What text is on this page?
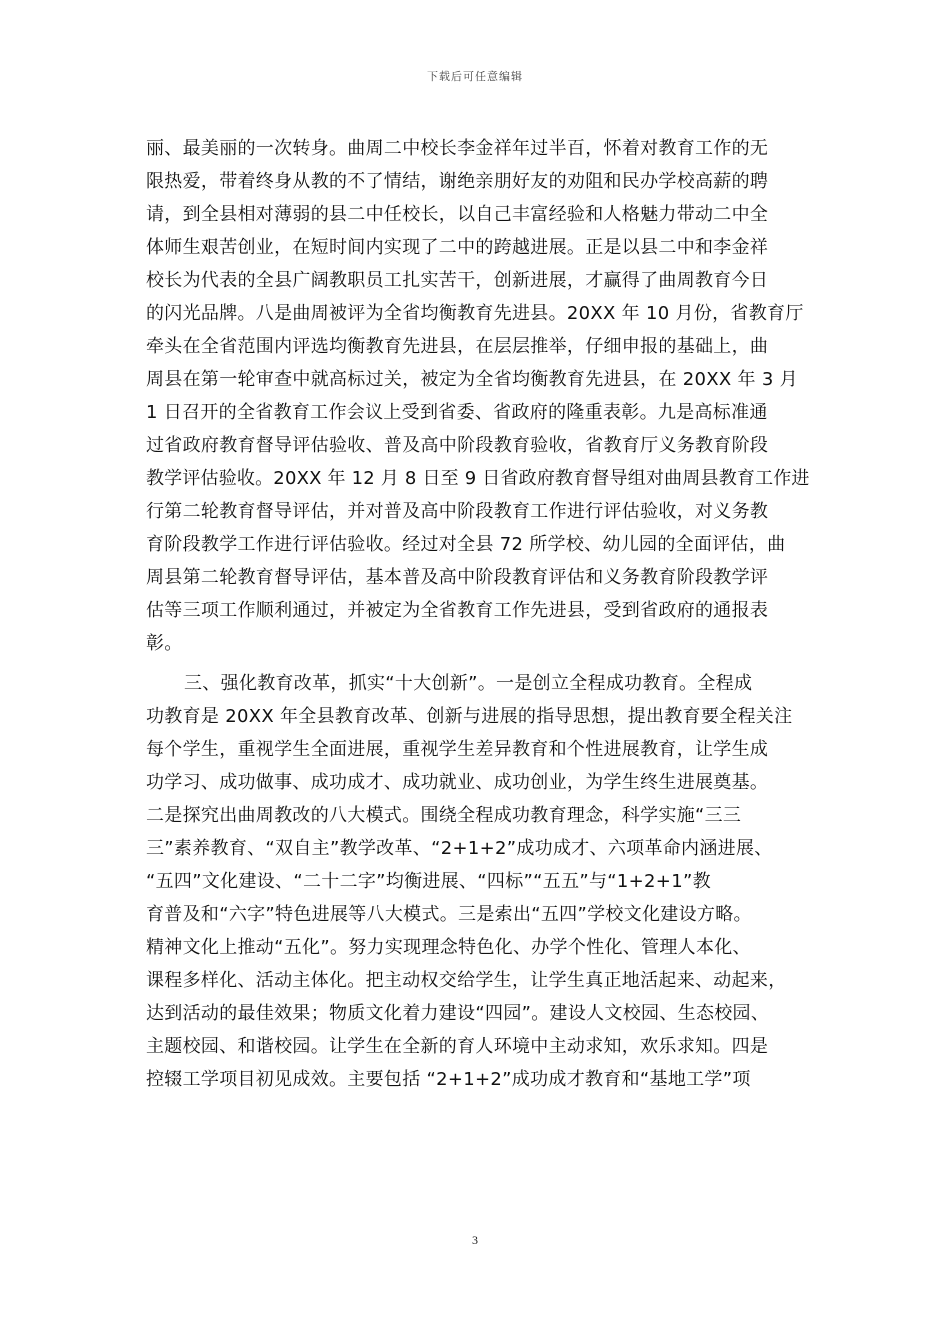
下载后可任意编辑
丽、最美丽的一次转身。曲周二中校长李金祥年过半百，怀着对教育工作的无
限热爱，带着终身从教的不了情结，谢绝亲朋好友的劝阻和民办学校高薪的聘
请，到全县相对薄弱的县二中任校长，以自己丰富经验和人格魅力带动二中全
体师生艰苦创业，在短时间内实现了二中的跨越进展。正是以县二中和李金祥
校长为代表的全县广阔教职员工扎实苦干，创新进展，才赢得了曲周教育今日
的闪光品牌。八是曲周被评为全省均衡教育先进县。20XX 年 10 月份，省教育厅
牵头在全省范围内评选均衡教育先进县，在层层推举，仔细申报的基础上，曲
周县在第一轮审查中就高标过关，被定为全省均衡教育先进县，在 20XX 年 3 月
1 日召开的全省教育工作会议上受到省委、省政府的隆重表彰。九是高标准通
过省政府教育督导评估验收、普及高中阶段教育验收，省教育厅义务教育阶段
教学评估验收。20XX 年 12 月 8 日至 9 日省政府教育督导组对曲周县教育工作进
行第二轮教育督导评估，并对普及高中阶段教育工作进行评估验收，对义务教
育阶段教学工作进行评估验收。经过对全县 72 所学校、幼儿园的全面评估，曲
周县第二轮教育督导评估，基本普及高中阶段教育评估和义务教育阶段教学评
估等三项工作顺利通过，并被定为全省教育工作先进县，受到省政府的通报表
彰。
三、强化教育改革，抓实“十大创新”。一是创立全程成功教育。全程成
功教育是 20XX 年全县教育改革、创新与进展的指导思想，提出教育要全程关注
每个学生，重视学生全面进展，重视学生差异教育和个性进展教育，让学生成
功学习、成功做事、成功成才、成功就业、成功创业，为学生终生进展奠基。
二是探究出曲周教改的八大模式。围绕全程成功教育理念，科学实施“三三
三”素养教育、“双自主”教学改革、“2+1+2”成功成才、六项革命内涵进展、
“五四”文化建设、“二十二字”均衡进展、“四标”“五五”与“1+2+1”教
育普及和“六字”特色进展等八大模式。三是索出“五四”学校文化建设方略。
精神文化上推动“五化”。努力实现理念特色化、办学个性化、管理人本化、
课程多样化、活动主体化。把主动权交给学生，让学生真正地活起来、动起来，
达到活动的最佳效果；物质文化着力建设“四园”。建设人文校园、生态校园、
主题校园、和谐校园。让学生在全新的育人环境中主动求知，欢乐求知。四是
控辍工学项目初见成效。主要包括 “2+1+2”成功成才教育和“基地工学”项
3
